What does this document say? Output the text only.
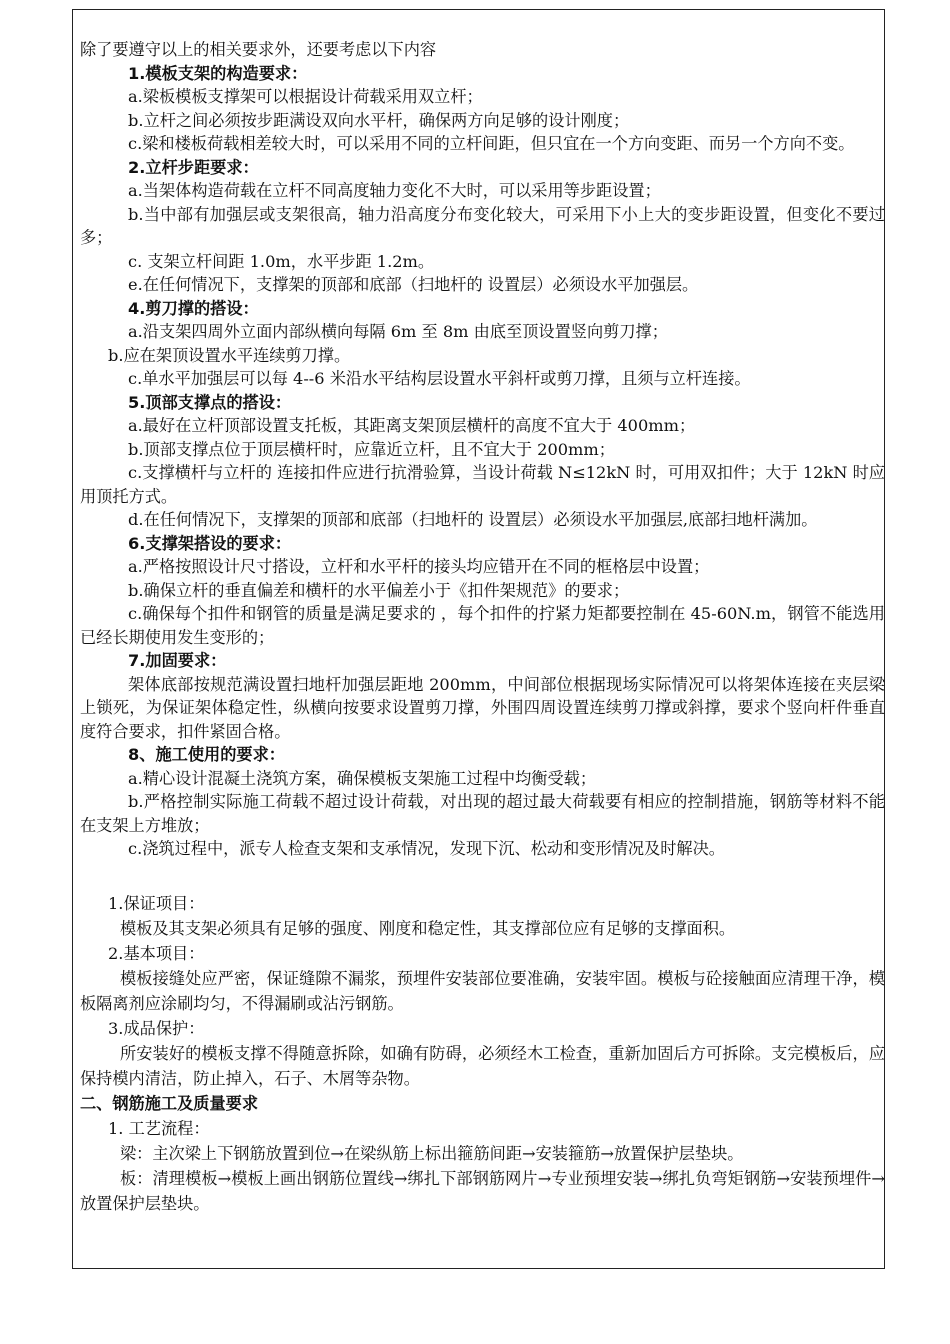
除了要遵守以上的相关要求外，还要考虑以下内容

1.模板支架的构造要求：

a.梁板模板支撑架可以根据设计荷载采用双立杆；

b.立杆之间必须按步距满设双向水平杆，确保两方向足够的设计刚度；

c.梁和楼板荷载相差较大时，可以采用不同的立杆间距，但只宜在一个方向变距、而另一个方向不变。

2.立杆步距要求：

a.当架体构造荷载在立杆不同高度轴力变化不大时，可以采用等步距设置；

b.当中部有加强层或支架很高，轴力沿高度分布变化较大，可采用下小上大的变步距设置，但变化不要过多；

c. 支架立杆间距 1.0m，水平步距 1.2m。

e.在任何情况下，支撑架的顶部和底部（扫地杆的 设置层）必须设水平加强层。

4.剪刀撑的搭设：

a.沿支架四周外立面内部纵横向每隔 6m 至 8m 由底至顶设置竖向剪刀撑；

b.应在架顶设置水平连续剪刀撑。

c.单水平加强层可以每 4--6 米沿水平结构层设置水平斜杆或剪刀撑，且须与立杆连接。

5.顶部支撑点的搭设：

a.最好在立杆顶部设置支托板，其距离支架顶层横杆的高度不宜大于 400mm；

b.顶部支撑点位于顶层横杆时，应靠近立杆，且不宜大于 200mm；

c.支撑横杆与立杆的 连接扣件应进行抗滑验算，当设计荷载 N≤12kN 时，可用双扣件；大于 12kN 时应用顶托方式。

d.在任何情况下，支撑架的顶部和底部（扫地杆的 设置层）必须设水平加强层,底部扫地杆满加。

6.支撑架搭设的要求：

a.严格按照设计尺寸搭设，立杆和水平杆的接头均应错开在不同的框格层中设置；

b.确保立杆的垂直偏差和横杆的水平偏差小于《扣件架规范》的要求；

c.确保每个扣件和钢管的质量是满足要求的 ，每个扣件的拧紧力矩都要控制在 45-60N.m，钢管不能选用已经长期使用发生变形的；

7.加固要求：

架体底部按规范满设置扫地杆加强层距地 200mm，中间部位根据现场实际情况可以将架体连接在夹层梁上锁死，为保证架体稳定性，纵横向按要求设置剪刀撑，外围四周设置连续剪刀撑或斜撑，要求个竖向杆件垂直度符合要求，扣件紧固合格。

8、施工使用的要求：

a.精心设计混凝土浇筑方案，确保模板支架施工过程中均衡受载；

b.严格控制实际施工荷载不超过设计荷载，对出现的超过最大荷载要有相应的控制措施，钢筋等材料不能在支架上方堆放；

c.浇筑过程中，派专人检查支架和支承情况，发现下沉、松动和变形情况及时解决。

1.保证项目：

模板及其支架必须具有足够的强度、刚度和稳定性，其支撑部位应有足够的支撑面积。

2.基本项目：

模板接缝处应严密，保证缝隙不漏浆，预埋件安装部位要准确，安装牢固。模板与砼接触面应清理干净，模板隔离剂应涂刷均匀，不得漏刷或沾污钢筋。

3.成品保护：

所安装好的模板支撑不得随意拆除，如确有防碍，必须经木工检查，重新加固后方可拆除。支完模板后，应保持模内清洁，防止掉入，石子、木屑等杂物。

二、钢筋施工及质量要求

1. 工艺流程：

梁：主次梁上下钢筋放置到位→在梁纵筋上标出箍筋间距→安装箍筋→放置保护层垫块。

板：清理模板→模板上画出钢筋位置线→绑扎下部钢筋网片→专业预埋安装→绑扎负弯矩钢筋→安装预埋件→放置保护层垫块。
